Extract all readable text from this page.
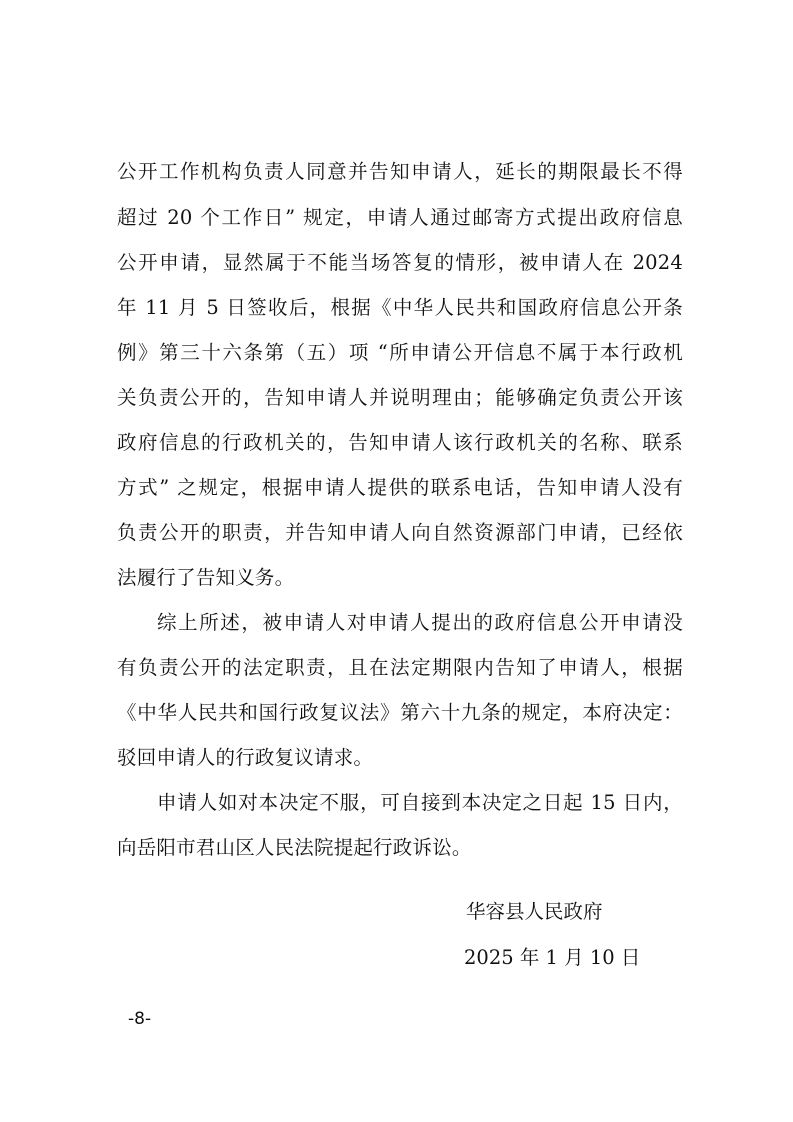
公开工作机构负责人同意并告知申请人，延长的期限最长不得
超过 20 个工作日” 规定，申请人通过邮寄方式提出政府信息
公开申请，显然属于不能当场答复的情形，被申请人在 2024
年 11 月 5 日签收后，根据《中华人民共和国政府信息公开条
例》第三十六条第（五）项 “所申请公开信息不属于本行政机
关负责公开的，告知申请人并说明理由；能够确定负责公开该
政府信息的行政机关的，告知申请人该行政机关的名称、联系
方式” 之规定，根据申请人提供的联系电话，告知申请人没有
负责公开的职责，并告知申请人向自然资源部门申请，已经依
法履行了告知义务。
综上所述，被申请人对申请人提出的政府信息公开申请没
有负责公开的法定职责，且在法定期限内告知了申请人，根据
《中华人民共和国行政复议法》第六十九条的规定，本府决定：
驳回申请人的行政复议请求。
申请人如对本决定不服，可自接到本决定之日起 15 日内，
向岳阳市君山区人民法院提起行政诉讼。
华容县人民政府
2025 年 1 月 10 日
-8-
